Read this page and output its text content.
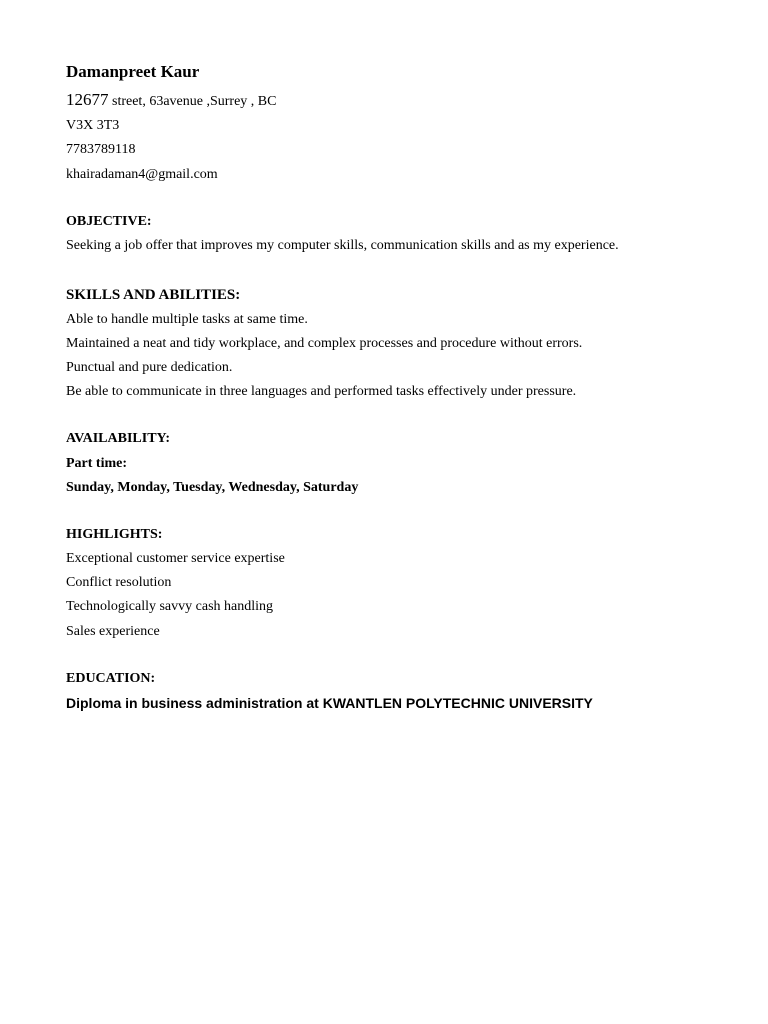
Damanpreet Kaur
12677 street, 63avenue ,Surrey , BC
V3X 3T3
7783789118
khairadaman4@gmail.com
OBJECTIVE:
Seeking a job offer that improves my computer skills, communication skills and as my experience.
SKILLS AND ABILITIES:
Able to handle multiple tasks at same time.
Maintained a neat and tidy workplace, and complex processes and procedure without errors.
Punctual and pure dedication.
Be able to communicate in three languages and performed tasks effectively under pressure.
AVAILABILITY:
Part time:
Sunday, Monday, Tuesday, Wednesday, Saturday
HIGHLIGHTS:
Exceptional customer service expertise
Conflict resolution
Technologically savvy cash handling
Sales experience
EDUCATION:
Diploma in business administration at KWANTLEN POLYTECHNIC UNIVERSITY
